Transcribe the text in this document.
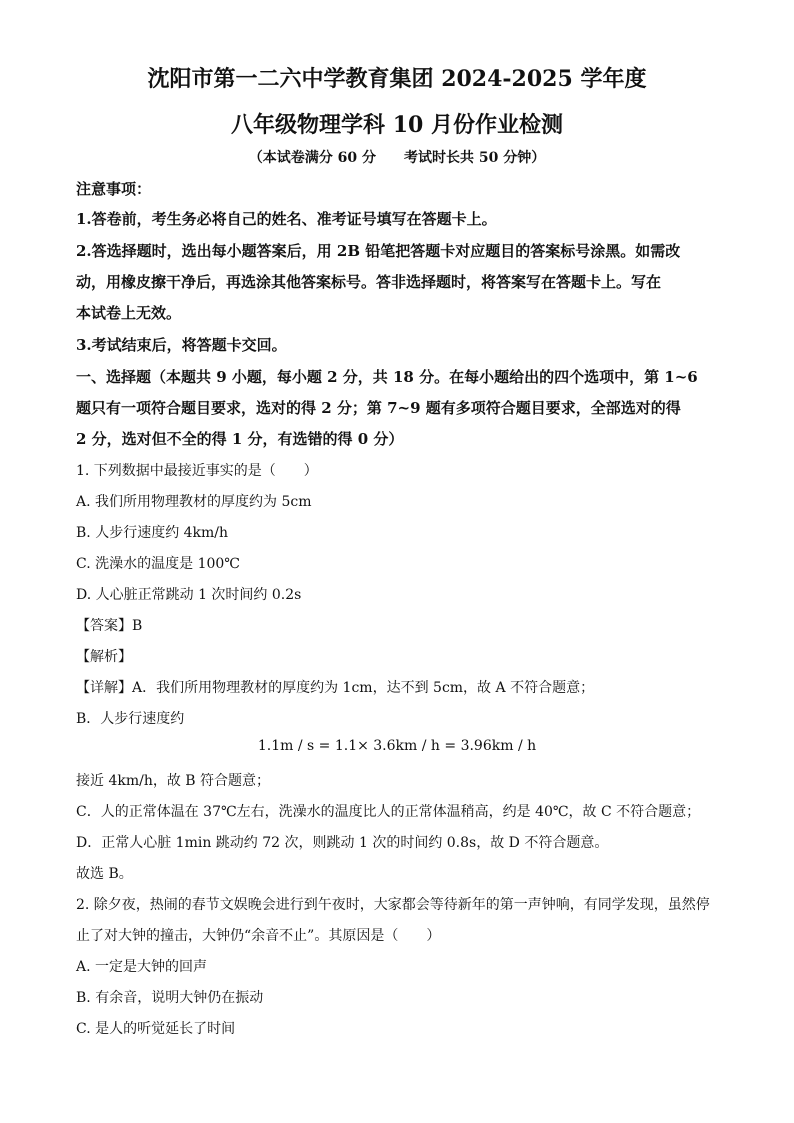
沈阳市第一二六中学教育集团 2024-2025 学年度
八年级物理学科 10 月份作业检测
（本试卷满分 60 分　　考试时长共 50 分钟）
注意事项：
1.答卷前，考生务必将自己的姓名、准考证号填写在答题卡上。
2.答选择题时，选出每小题答案后，用 2B 铅笔把答题卡对应题目的答案标号涂黑。如需改
动，用橡皮擦干净后，再选涂其他答案标号。答非选择题时，将答案写在答题卡上。写在
本试卷上无效。
3.考试结束后，将答题卡交回。
一、选择题（本题共 9 小题，每小题 2 分，共 18 分。在每小题给出的四个选项中，第 1~6
题只有一项符合题目要求，选对的得 2 分；第 7~9 题有多项符合题目要求，全部选对的得
2 分，选对但不全的得 1 分，有选错的得 0 分）
1. 下列数据中最接近事实的是（　　）
A. 我们所用物理教材的厚度约为 5cm
B. 人步行速度约 4km/h
C. 洗澡水的温度是 100℃
D. 人心脏正常跳动 1 次时间约 0.2s
【答案】B
【解析】
【详解】A．我们所用物理教材的厚度约为 1cm，达不到 5cm，故 A 不符合题意；
B．人步行速度约
1.1m / s = 1.1× 3.6km / h = 3.96km / h
接近 4km/h，故 B 符合题意；
C．人的正常体温在 37℃左右，洗澡水的温度比人的正常体温稍高，约是 40℃，故 C 不符合题意；
D．正常人心脏 1min 跳动约 72 次，则跳动 1 次的时间约 0.8s，故 D 不符合题意。
故选 B。
2. 除夕夜，热闹的春节文娱晚会进行到午夜时，大家都会等待新年的第一声钟响，有同学发现，虽然停
止了对大钟的撞击，大钟仍“余音不止”。其原因是（　　）
A. 一定是大钟的回声
B. 有余音，说明大钟仍在振动
C. 是人的听觉延长了时间
